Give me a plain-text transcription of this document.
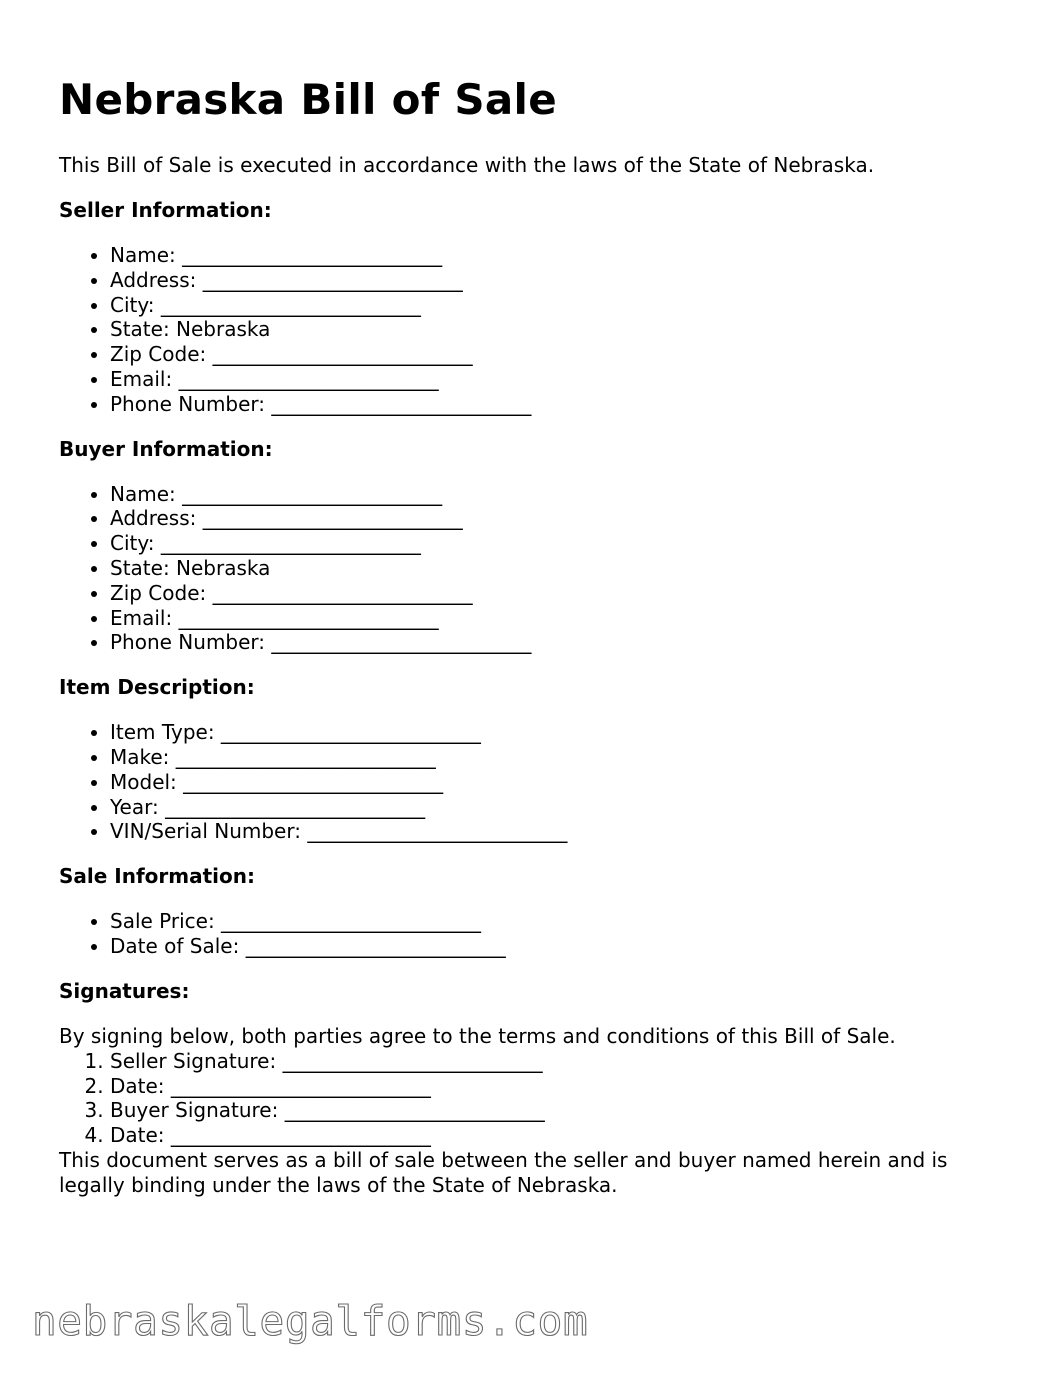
Nebraska Bill of Sale

This Bill of Sale is executed in accordance with the laws of the State of Nebraska.

Seller Information:
• Name: __________________________
• Address: __________________________
• City: __________________________
• State: Nebraska
• Zip Code: __________________________
• Email: __________________________
• Phone Number: __________________________
Buyer Information:
• Name: __________________________
• Address: __________________________
• City: __________________________
• State: Nebraska
• Zip Code: __________________________
• Email: __________________________
• Phone Number: __________________________
Item Description:
• Item Type: __________________________
• Make: __________________________
• Model: __________________________
• Year: __________________________
• VIN/Serial Number: __________________________
Sale Information:
• Sale Price: __________________________
• Date of Sale: __________________________
Signatures:

By signing below, both parties agree to the terms and conditions of this Bill of Sale.

1. Seller Signature: __________________________
2. Date: __________________________
3. Buyer Signature: __________________________
4. Date: __________________________

This document serves as a bill of sale between the seller and buyer named herein and is legally binding under the laws of the State of Nebraska.

nebraskalegalforms.com
